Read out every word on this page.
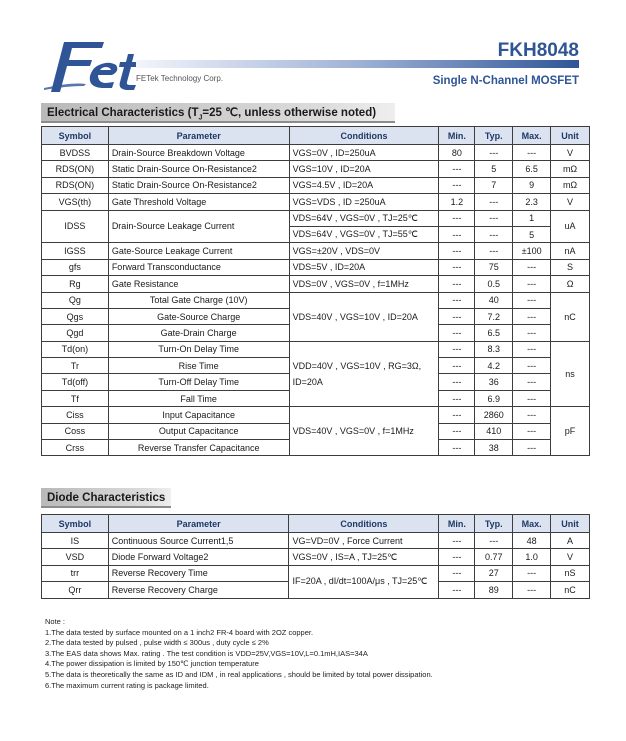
FETek Technology Corp.
FKH8048
Single N-Channel MOSFET
Electrical Characteristics ($T_J=25$ ℃, unless otherwise noted)
Symbol	Parameter	Conditions	Min.	Typ.	Max.	Unit
BVDSS	Drain-Source Breakdown Voltage	VGS=0V , ID=250uA	80	---	---	V
RDS(ON)	Static Drain-Source On-Resistance2	VGS=10V , ID=20A	---	5	6.5	mΩ
RDS(ON)	Static Drain-Source On-Resistance2	VGS=4.5V , ID=20A	---	7	9	mΩ
VGS(th)	Gate Threshold Voltage	VGS=VDS , ID =250uA	1.2	---	2.3	V
IDSS	Drain-Source Leakage Current	VDS=64V , VGS=0V , TJ=25℃	---	---	1	uA
		VDS=64V , VGS=0V , TJ=55℃	---	---	5	
IGSS	Gate-Source Leakage Current	VGS=±20V , VDS=0V	---	---	±100	nA
gfs	Forward Transconductance	VDS=5V , ID=20A	---	75	---	S
Rg	Gate Resistance	VDS=0V , VGS=0V , f=1MHz	---	0.5	---	Ω
Qg	Total Gate Charge (10V)	VDS=40V , VGS=10V , ID=20A	---	40	---	nC
Qgs	Gate-Source Charge		---	7.2	---	
Qgd	Gate-Drain Charge		---	6.5	---	
Td(on)	Turn-On Delay Time		---	8.3	---	ns
Tr	Rise Time	VDD=40V , VGS=10V , RG=3Ω,	---	4.2	---	
Td(off)	Turn-Off Delay Time	ID=20A	---	36	---	
Tf	Fall Time		---	6.9	---	
Ciss	Input Capacitance	VDS=40V , VGS=0V , f=1MHz	---	2860	---	pF
Coss	Output Capacitance		---	410	---	
Crss	Reverse Transfer Capacitance		---	38	---	
Diode Characteristics
Symbol	Parameter	Conditions	Min.	Typ.	Max.	Unit
IS	Continuous Source Current1,5	VG=VD=0V , Force Current	---	---	48	A
VSD	Diode Forward Voltage2	VGS=0V , IS=A , TJ=25℃	---	0.77	1.0	V
trr	Reverse Recovery Time	IF=20A , dI/dt=100A/μs , TJ=25℃	---	27	---	nS
Qrr	Reverse Recovery Charge		---	89	---	nC
Note :
1.The data tested by surface mounted on a 1 inch2 FR-4 board with 2OZ copper.
2.The data tested by pulsed , pulse width ≤ 300us , duty cycle ≤ 2%
3.The EAS data shows Max. rating . The test condition is VDD=25V,VGS=10V,L=0.1mH,IAS=34A
4.The power dissipation is limited by 150℃ junction temperature
5.The data is theoretically the same as ID and IDM , in real applications , should be limited by total power dissipation.
6.The maximum current rating is package limited.
